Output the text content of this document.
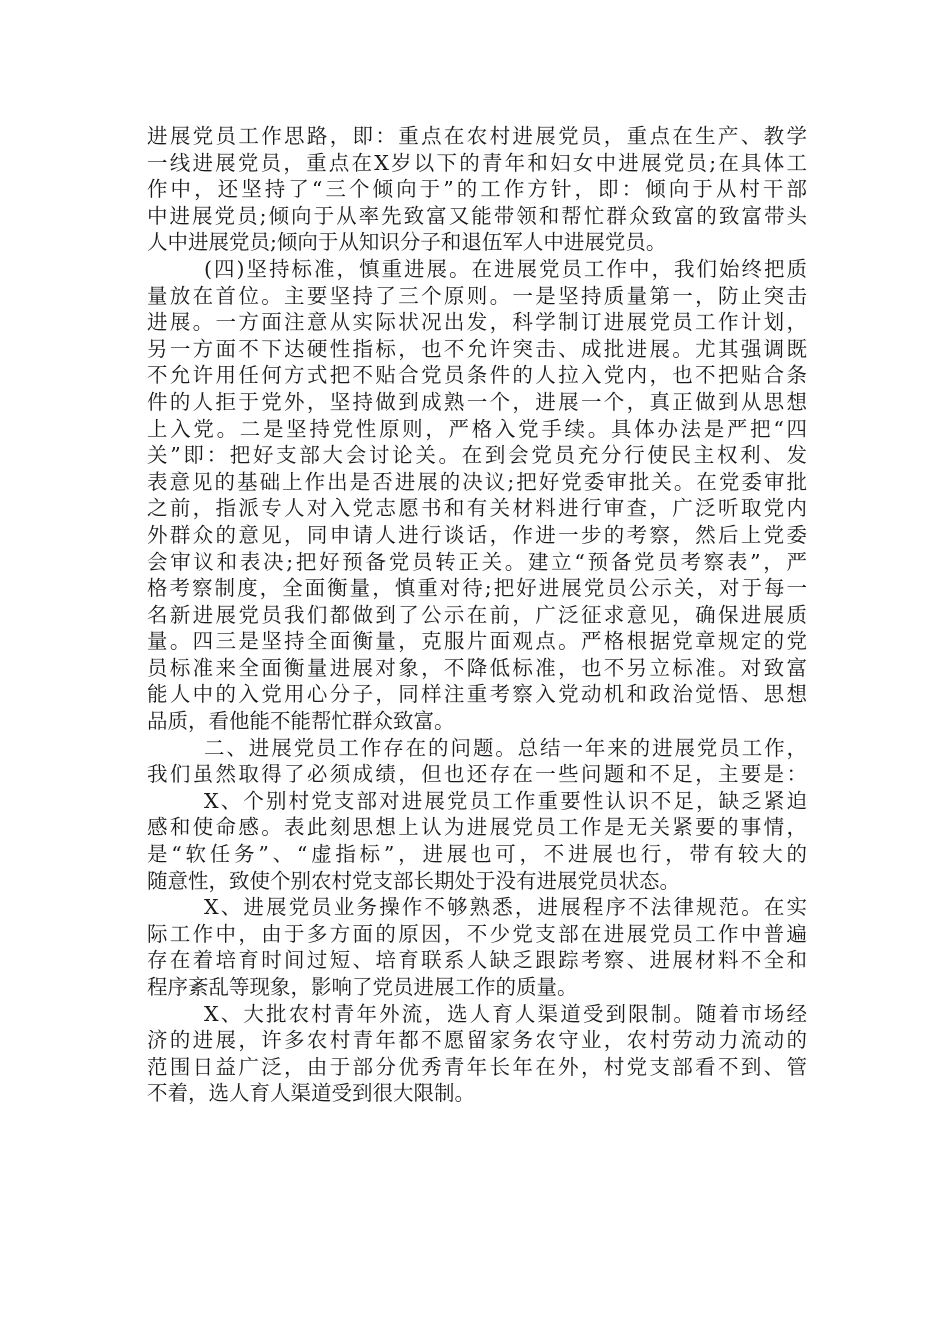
进展党员工作思路，即：重点在农村进展党员，重点在生产、教学
一线进展党员，重点在X岁以下的青年和妇女中进展党员;在具体工
作中，还坚持了“三个倾向于”的工作方针，即：倾向于从村干部
中进展党员;倾向于从率先致富又能带领和帮忙群众致富的致富带头
人中进展党员;倾向于从知识分子和退伍军人中进展党员。
(四)坚持标准，慎重进展。在进展党员工作中，我们始终把质
量放在首位。主要坚持了三个原则。一是坚持质量第一，防止突击
进展。一方面注意从实际状况出发，科学制订进展党员工作计划，
另一方面不下达硬性指标，也不允许突击、成批进展。尤其强调既
不允许用任何方式把不贴合党员条件的人拉入党内，也不把贴合条
件的人拒于党外，坚持做到成熟一个，进展一个，真正做到从思想
上入党。二是坚持党性原则，严格入党手续。具体办法是严把“四
关”即：把好支部大会讨论关。在到会党员充分行使民主权利、发
表意见的基础上作出是否进展的决议;把好党委审批关。在党委审批
之前，指派专人对入党志愿书和有关材料进行审查，广泛听取党内
外群众的意见，同申请人进行谈话，作进一步的考察，然后上党委
会审议和表决;把好预备党员转正关。建立“预备党员考察表”，严
格考察制度，全面衡量，慎重对待;把好进展党员公示关，对于每一
名新进展党员我们都做到了公示在前，广泛征求意见，确保进展质
量。四三是坚持全面衡量，克服片面观点。严格根据党章规定的党
员标准来全面衡量进展对象，不降低标准，也不另立标准。对致富
能人中的入党用心分子，同样注重考察入党动机和政治觉悟、思想
品质，看他能不能帮忙群众致富。
二、进展党员工作存在的问题。总结一年来的进展党员工作，
我们虽然取得了必须成绩，但也还存在一些问题和不足，主要是：
X、个别村党支部对进展党员工作重要性认识不足，缺乏紧迫
感和使命感。表此刻思想上认为进展党员工作是无关紧要的事情，
是“软任务”、“虚指标”，进展也可，不进展也行，带有较大的
随意性，致使个别农村党支部长期处于没有进展党员状态。
X、进展党员业务操作不够熟悉，进展程序不法律规范。在实
际工作中，由于多方面的原因，不少党支部在进展党员工作中普遍
存在着培育时间过短、培育联系人缺乏跟踪考察、进展材料不全和
程序紊乱等现象，影响了党员进展工作的质量。
X、大批农村青年外流，选人育人渠道受到限制。随着市场经
济的进展，许多农村青年都不愿留家务农守业，农村劳动力流动的
范围日益广泛，由于部分优秀青年长年在外，村党支部看不到、管
不着，选人育人渠道受到很大限制。
